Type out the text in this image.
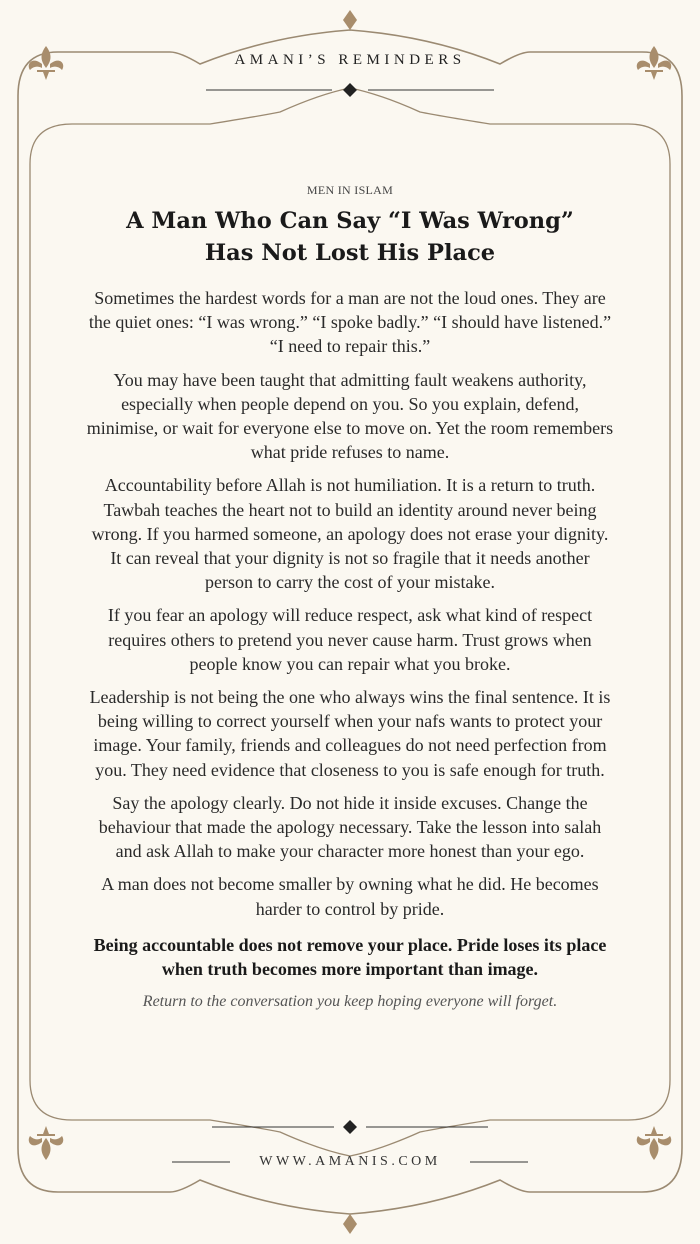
AMANI’S REMINDERS
MEN IN ISLAM
A Man Who Can Say “I Was Wrong”
Has Not Lost His Place

Sometimes the hardest words for a man are not the loud ones. They are the quiet ones: “I was wrong.” “I spoke badly.” “I should have listened.” “I need to repair this.”

You may have been taught that admitting fault weakens authority, especially when people depend on you. So you explain, defend, minimise, or wait for everyone else to move on. Yet the room remembers what pride refuses to name.

Accountability before Allah is not humiliation. It is a return to truth. Tawbah teaches the heart not to build an identity around never being wrong. If you harmed someone, an apology does not erase your dignity. It can reveal that your dignity is not so fragile that it needs another person to carry the cost of your mistake.

If you fear an apology will reduce respect, ask what kind of respect requires others to pretend you never cause harm. Trust grows when people know you can repair what you broke.

Leadership is not being the one who always wins the final sentence. It is being willing to correct yourself when your nafs wants to protect your image. Your family, friends and colleagues do not need perfection from you. They need evidence that closeness to you is safe enough for truth.

Say the apology clearly. Do not hide it inside excuses. Change the behaviour that made the apology necessary. Take the lesson into salah and ask Allah to make your character more honest than your ego.

A man does not become smaller by owning what he did. He becomes harder to control by pride.

Being accountable does not remove your place. Pride loses its place when truth becomes more important than image.

Return to the conversation you keep hoping everyone will forget.

WWW.AMANIS.COM
